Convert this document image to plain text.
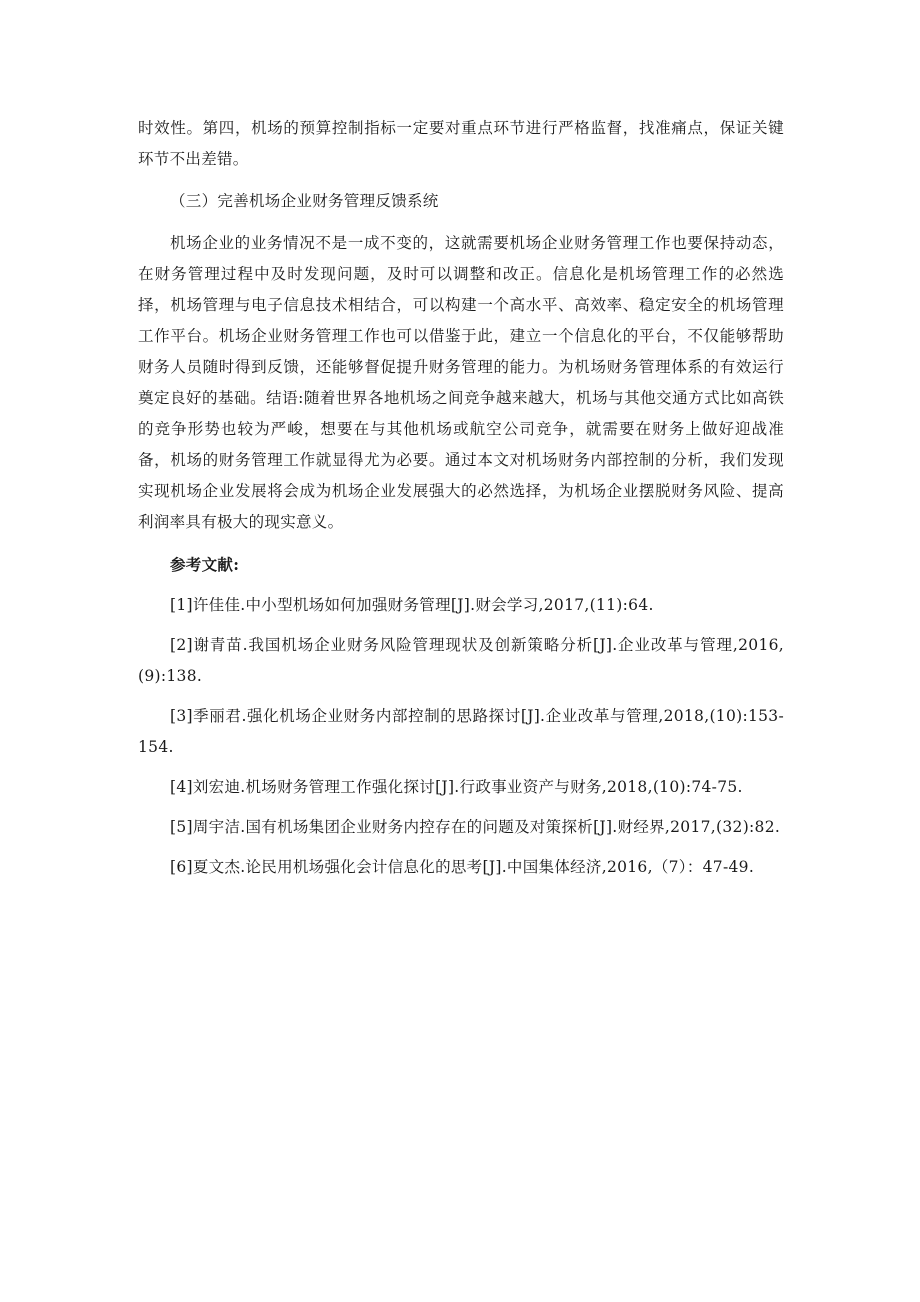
时效性。第四，机场的预算控制指标一定要对重点环节进行严格监督，找准痛点，保证关键环节不出差错。

（三）完善机场企业财务管理反馈系统

机场企业的业务情况不是一成不变的，这就需要机场企业财务管理工作也要保持动态，在财务管理过程中及时发现问题，及时可以调整和改正。信息化是机场管理工作的必然选择，机场管理与电子信息技术相结合，可以构建一个高水平、高效率、稳定安全的机场管理工作平台。机场企业财务管理工作也可以借鉴于此，建立一个信息化的平台，不仅能够帮助财务人员随时得到反馈，还能够督促提升财务管理的能力。为机场财务管理体系的有效运行奠定良好的基础。结语:随着世界各地机场之间竞争越来越大，机场与其他交通方式比如高铁的竞争形势也较为严峻，想要在与其他机场或航空公司竞争，就需要在财务上做好迎战准备，机场的财务管理工作就显得尤为必要。通过本文对机场财务内部控制的分析，我们发现实现机场企业发展将会成为机场企业发展强大的必然选择，为机场企业摆脱财务风险、提高利润率具有极大的现实意义。

参考文献:

[1]许佳佳.中小型机场如何加强财务管理[J].财会学习,2017,(11):64.

[2]谢青苗.我国机场企业财务风险管理现状及创新策略分析[J].企业改革与管理,2016,(9):138.

[3]季丽君.强化机场企业财务内部控制的思路探讨[J].企业改革与管理,2018,(10):153-154.

[4]刘宏迪.机场财务管理工作强化探讨[J].行政事业资产与财务,2018,(10):74-75.

[5]周宇洁.国有机场集团企业财务内控存在的问题及对策探析[J].财经界,2017,(32):82.

[6]夏文杰.论民用机场强化会计信息化的思考[J].中国集体经济,2016,（7）：47-49.
